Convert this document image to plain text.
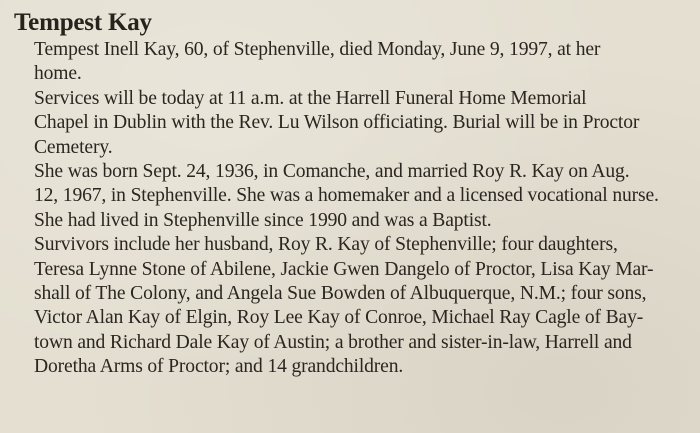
Tempest Kay

Tempest Inell Kay, 60, of Stephenville, died Monday, June 9, 1997, at her
home.

Services will be today at 11 a.m. at the Harrell Funeral Home Memorial
Chapel in Dublin with the Rev. Lu Wilson officiating. Burial will be in Proctor
Cemetery.

She was born Sept. 24, 1936, in Comanche, and married Roy R. Kay on Aug.
12, 1967, in Stephenville. She was a homemaker and a licensed vocational nurse.
She had lived in Stephenville since 1990 and was a Baptist.

Survivors include her husband, Roy R. Kay of Stephenville; four daughters,
Teresa Lynne Stone of Abilene, Jackie Gwen Dangelo of Proctor, Lisa Kay Mar-
shall of The Colony, and Angela Sue Bowden of Albuquerque, N.M.; four sons,
Victor Alan Kay of Elgin, Roy Lee Kay of Conroe, Michael Ray Cagle of Bay-
town and Richard Dale Kay of Austin; a brother and sister-in-law, Harrell and
Doretha Arms of Proctor; and 14 grandchildren.
